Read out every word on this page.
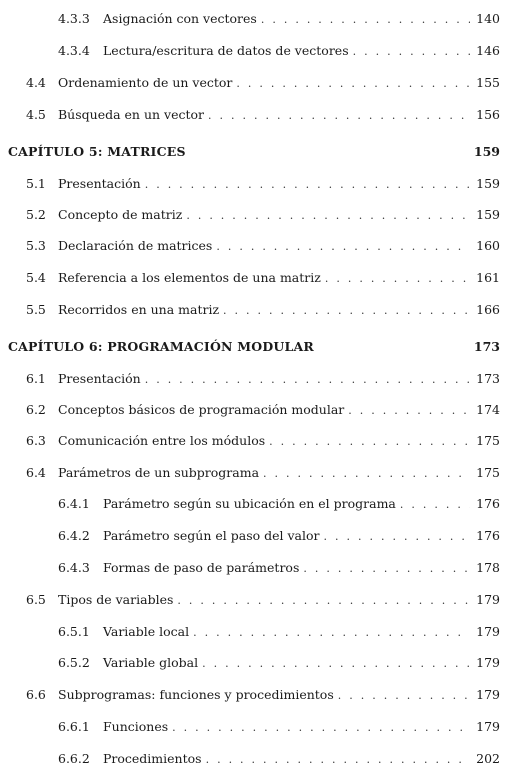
4.3.3	Asignación con vectores . . .	140
4.3.4	Lectura/escritura de datos de vectores . . .	146
4.4 Ordenamiento de un vector . . .	155
4.5 Búsqueda en un vector . . .	156
CAPÍTULO 5: MATRICES	159
5.1 Presentación . . .	159
5.2 Concepto de matriz . . .	159
5.3 Declaración de matrices . . .	160
5.4 Referencia a los elementos de una matriz . . .	161
5.5 Recorridos en una matriz . . .	166
CAPÍTULO 6: PROGRAMACIÓN MODULAR	173
6.1 Presentación . . .	173
6.2 Conceptos básicos de programación modular . . .	174
6.3 Comunicación entre los módulos . . .	175
6.4 Parámetros de un subprograma . . .	175
6.4.1	Parámetro según su ubicación en el programa . . .	176
6.4.2	Parámetro según el paso del valor . . .	176
6.4.3	Formas de paso de parámetros . . .	178
6.5 Tipos de variables . . .	179
6.5.1	Variable local . . .	179
6.5.2	Variable global . . .	179
6.6 Subprogramas: funciones y procedimientos . . .	179
6.6.1	Funciones . . .	179
6.6.2	Procedimientos . . .	202
